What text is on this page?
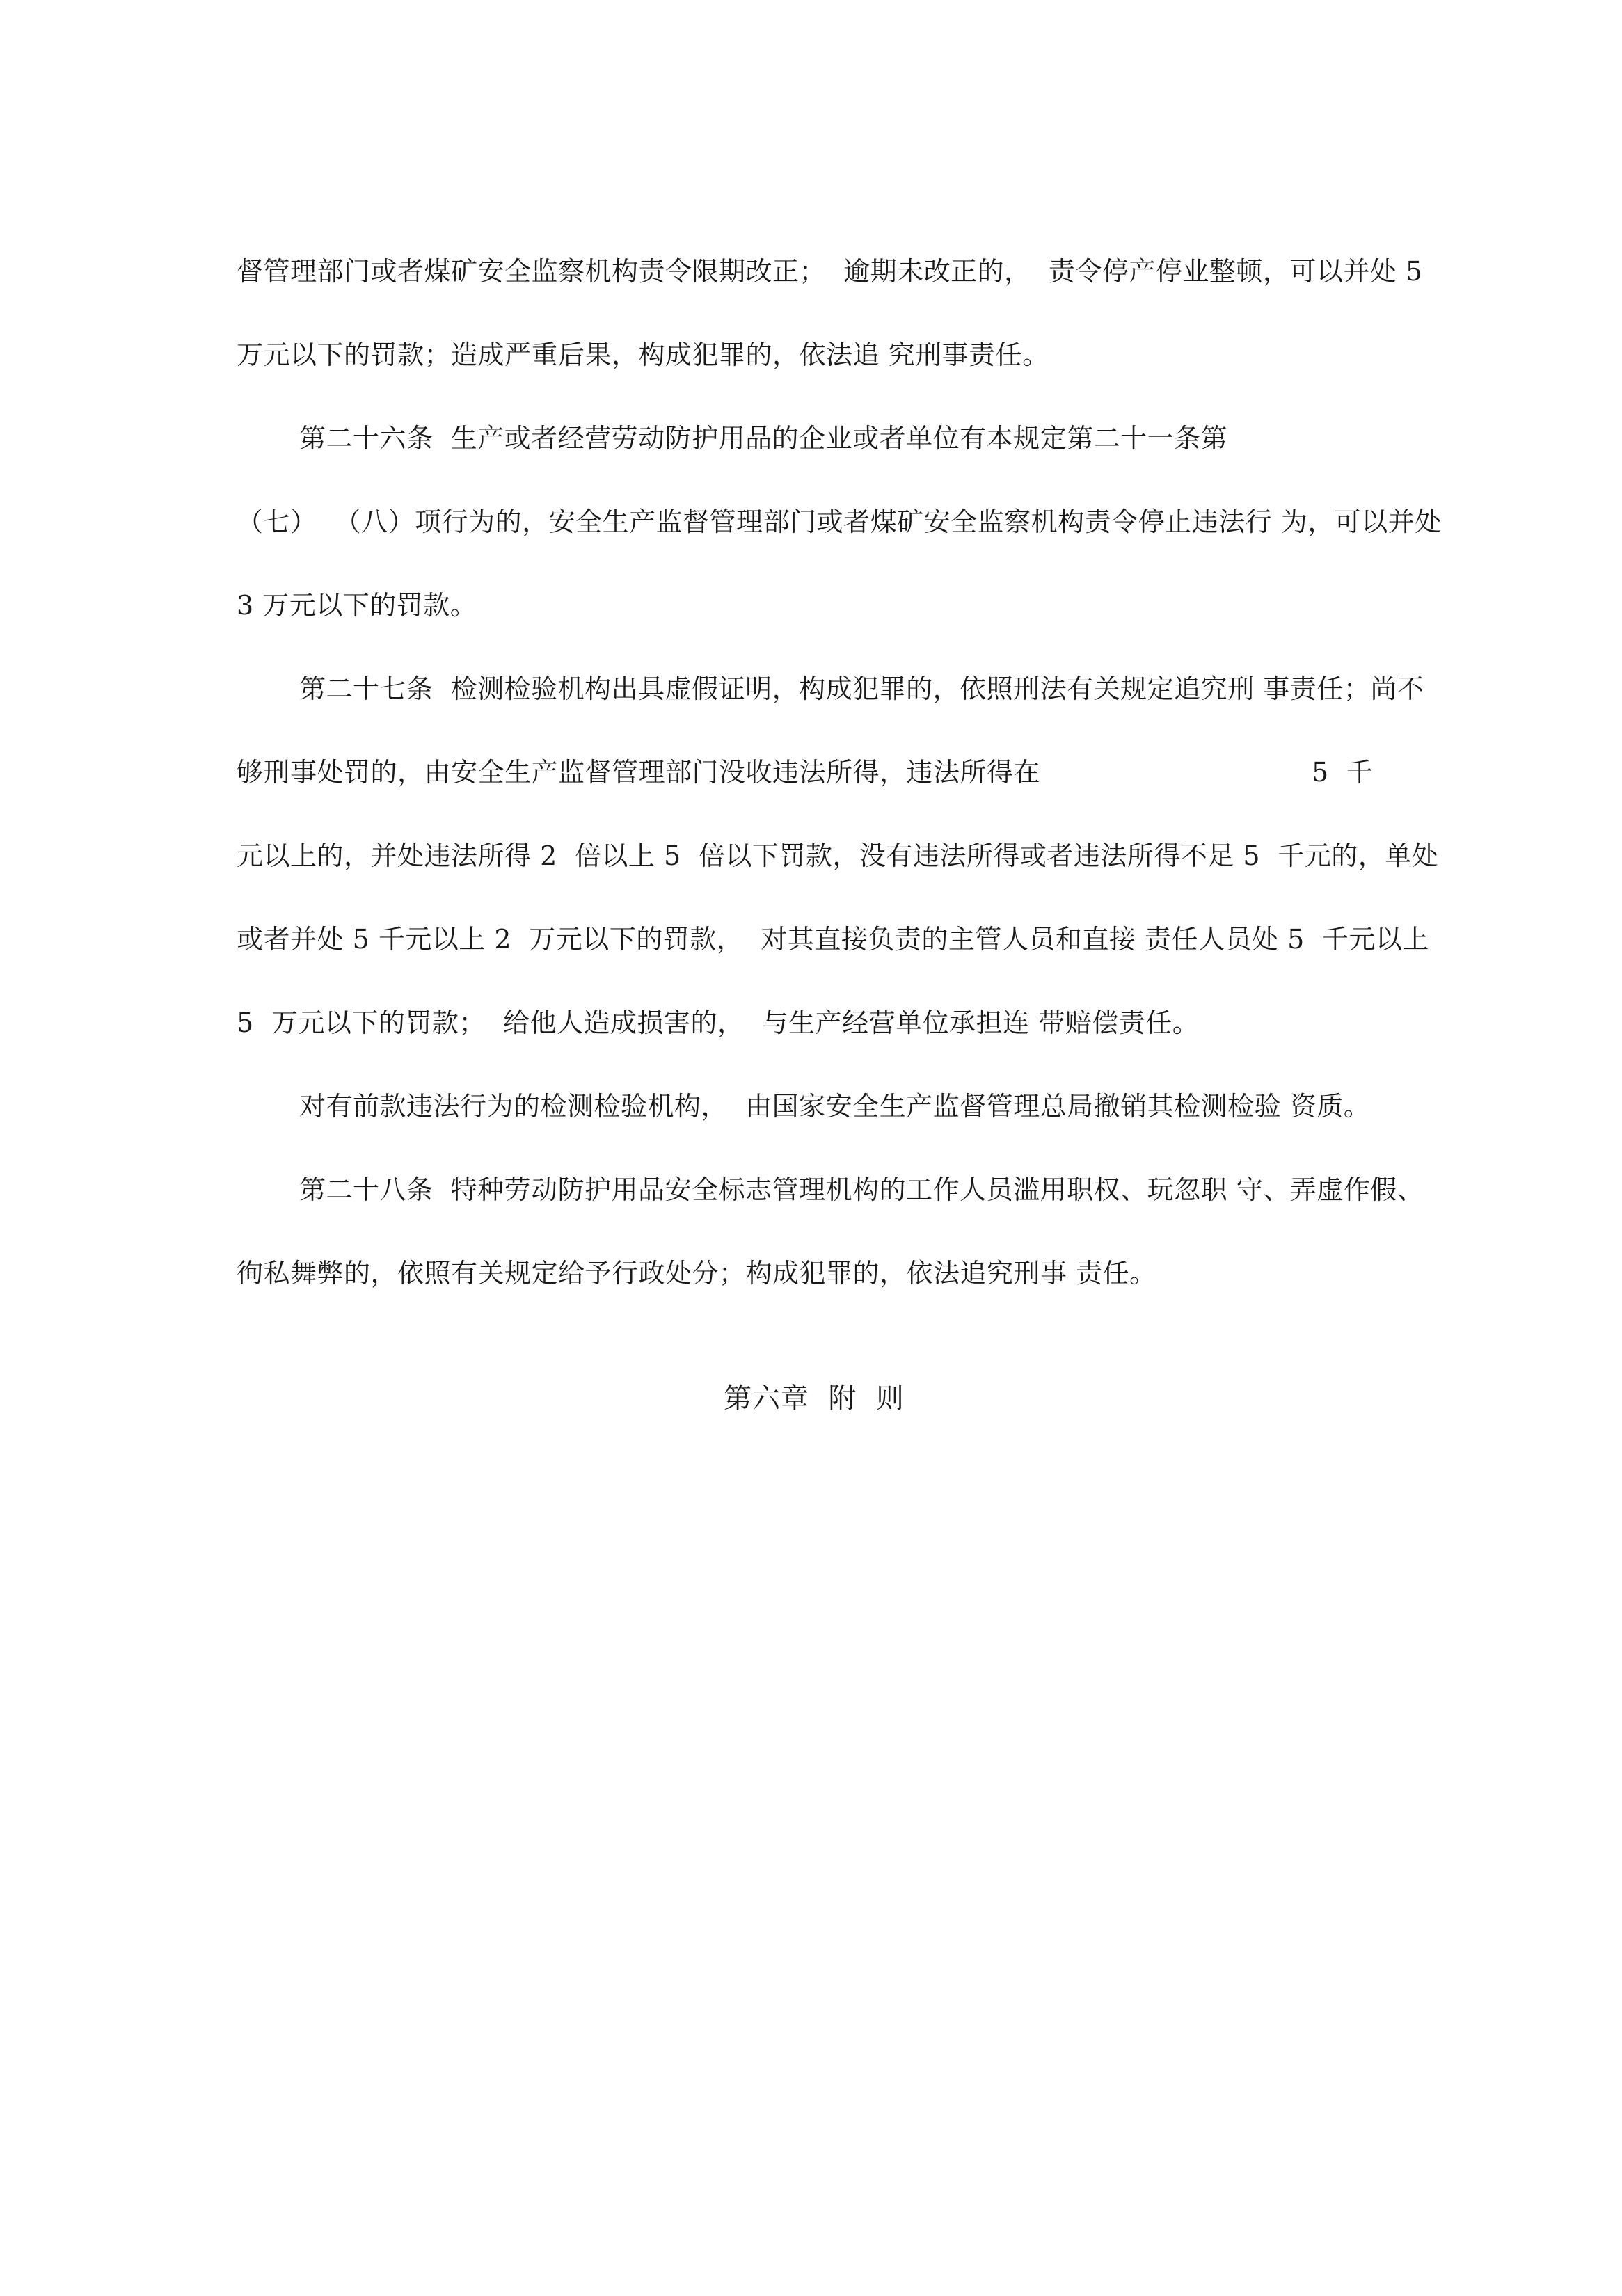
督管理部门或者煤矿安全监察机构责令限期改正；  逾期未改正的，  责令停产停业整顿，可以并处 5
万元以下的罚款；造成严重后果，构成犯罪的，依法追 究刑事责任。
第二十六条  生产或者经营劳动防护用品的企业或者单位有本规定第二十一条第
（七）  （八）项行为的，安全生产监督管理部门或者煤矿安全监察机构责令停止违法行 为，可以并处
3 万元以下的罚款。
第二十七条  检测检验机构出具虚假证明，构成犯罪的，依照刑法有关规定追究刑 事责任；尚不
够刑事处罚的，由安全生产监督管理部门没收违法所得，违法所得在                               5  千
元以上的，并处违法所得 2  倍以上 5  倍以下罚款，没有违法所得或者违法所得不足 5  千元的，单处
或者并处 5 千元以上 2  万元以下的罚款，  对其直接负责的主管人员和直接 责任人员处 5  千元以上
5  万元以下的罚款；  给他人造成损害的，  与生产经营单位承担连 带赔偿责任。
对有前款违法行为的检测检验机构，  由国家安全生产监督管理总局撤销其检测检验 资质。
第二十八条  特种劳动防护用品安全标志管理机构的工作人员滥用职权、玩忽职 守、弄虚作假、
徇私舞弊的，依照有关规定给予行政处分；构成犯罪的，依法追究刑事 责任。
第六章  附  则
